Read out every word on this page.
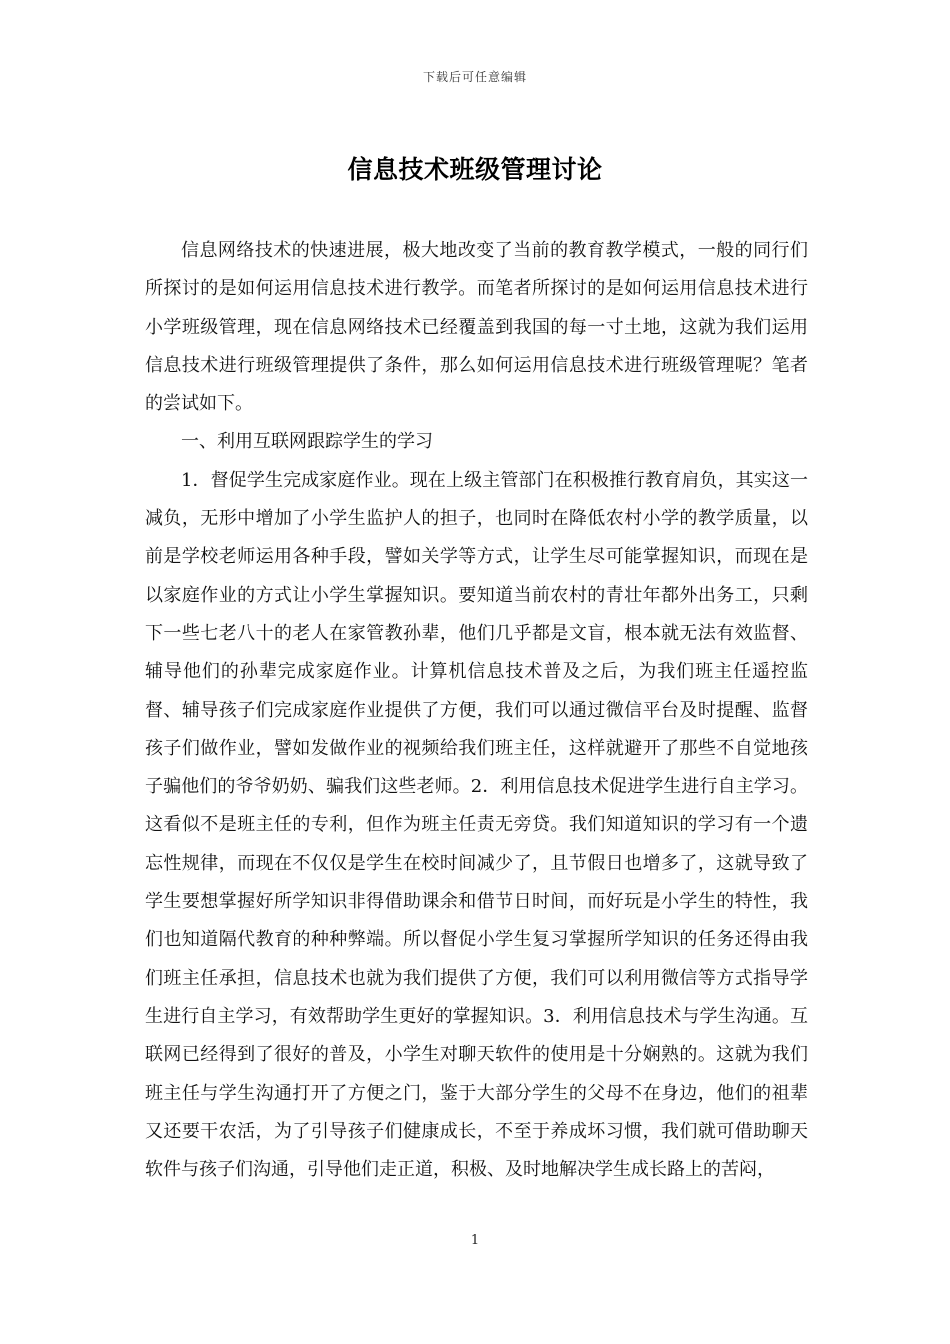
下载后可任意编辑
信息技术班级管理讨论

信息网络技术的快速进展，极大地改变了当前的教育教学模式，一般的同行们所探讨的是如何运用信息技术进行教学。而笔者所探讨的是如何运用信息技术进行小学班级管理，现在信息网络技术已经覆盖到我国的每一寸土地，这就为我们运用信息技术进行班级管理提供了条件，那么如何运用信息技术进行班级管理呢？笔者的尝试如下。

一、利用互联网跟踪学生的学习

1．督促学生完成家庭作业。现在上级主管部门在积极推行教育肩负，其实这一减负，无形中增加了小学生监护人的担子，也同时在降低农村小学的教学质量，以前是学校老师运用各种手段，譬如关学等方式，让学生尽可能掌握知识，而现在是以家庭作业的方式让小学生掌握知识。要知道当前农村的青壮年都外出务工，只剩下一些七老八十的老人在家管教孙辈，他们几乎都是文盲，根本就无法有效监督、辅导他们的孙辈完成家庭作业。计算机信息技术普及之后，为我们班主任遥控监督、辅导孩子们完成家庭作业提供了方便，我们可以通过微信平台及时提醒、监督孩子们做作业，譬如发做作业的视频给我们班主任，这样就避开了那些不自觉地孩子骗他们的爷爷奶奶、骗我们这些老师。2．利用信息技术促进学生进行自主学习。这看似不是班主任的专利，但作为班主任责无旁贷。我们知道知识的学习有一个遗忘性规律，而现在不仅仅是学生在校时间减少了，且节假日也增多了，这就导致了学生要想掌握好所学知识非得借助课余和借节日时间，而好玩是小学生的特性，我们也知道隔代教育的种种弊端。所以督促小学生复习掌握所学知识的任务还得由我们班主任承担，信息技术也就为我们提供了方便，我们可以利用微信等方式指导学生进行自主学习，有效帮助学生更好的掌握知识。3．利用信息技术与学生沟通。互联网已经得到了很好的普及，小学生对聊天软件的使用是十分娴熟的。这就为我们班主任与学生沟通打开了方便之门，鉴于大部分学生的父母不在身边，他们的祖辈又还要干农活，为了引导孩子们健康成长，不至于养成坏习惯，我们就可借助聊天软件与孩子们沟通，引导他们走正道，积极、及时地解决学生成长路上的苦闷，

1
